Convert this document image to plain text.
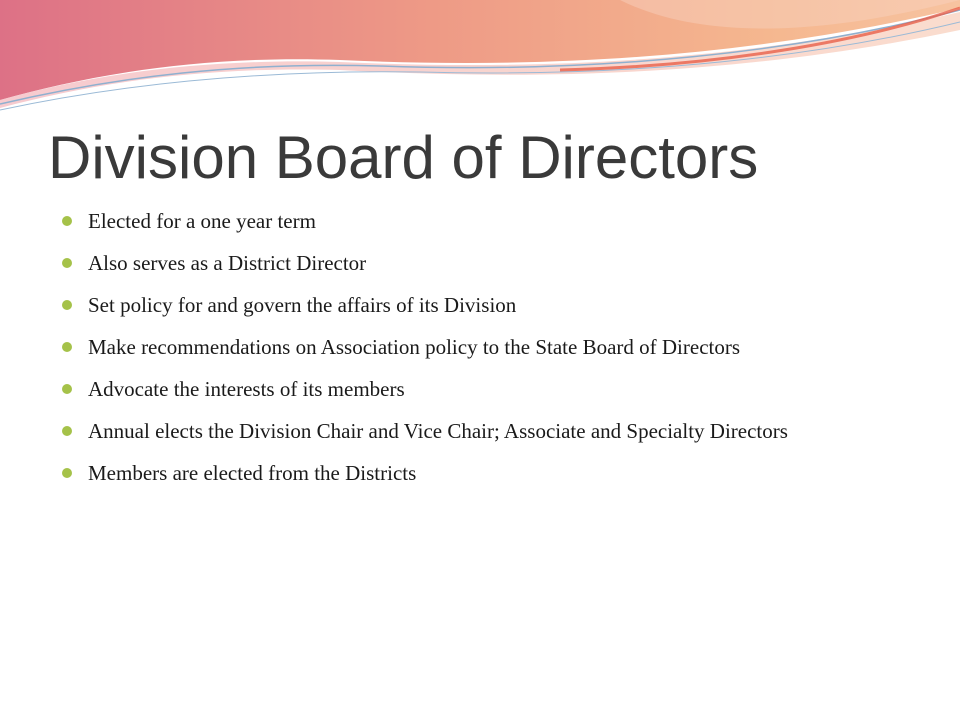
Division Board of Directors
Elected for a one year term
Also serves as a District Director
Set policy for and govern the affairs of its Division
Make recommendations on Association policy to the State Board of Directors
Advocate the interests of its members
Annual elects the Division Chair and Vice Chair; Associate and Specialty Directors
Members are elected from the Districts
